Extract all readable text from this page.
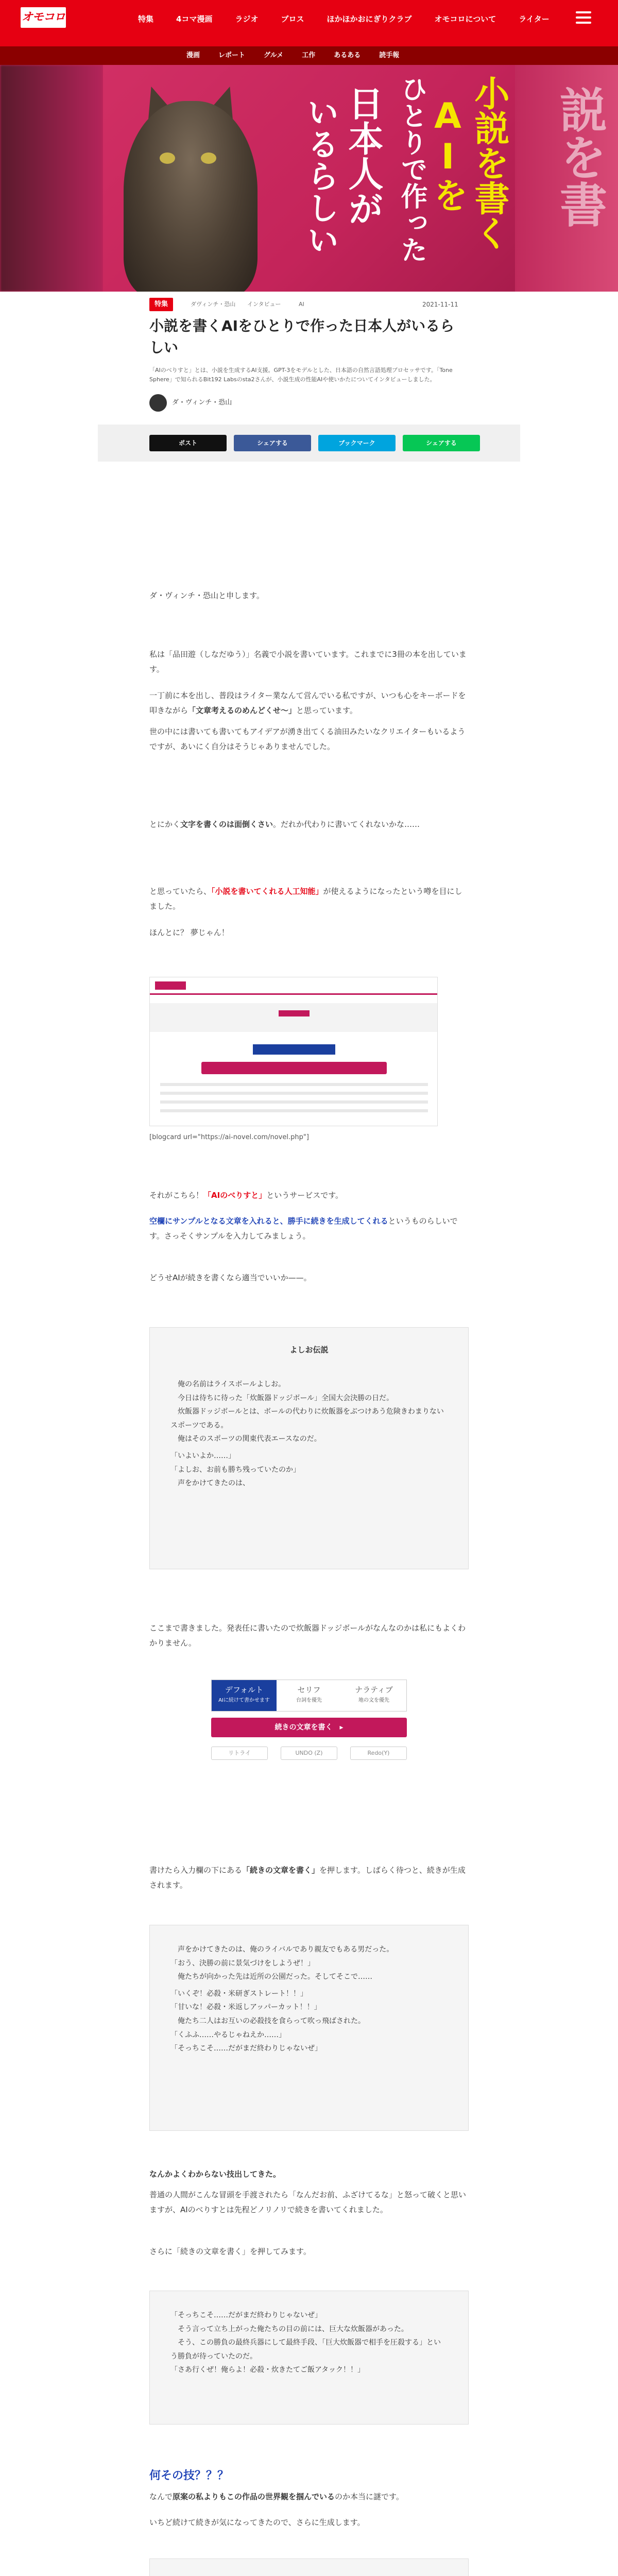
オモコロ	特集	4コマ漫画	ラジオ	ブロス	ほかほかおにぎりクラブ	オモコロについて	ライター
漫画	レポート	グルメ	工作	あるある	読手報
説を書
小説を書く
AIを
ひとりで作った
日本人が
いるらしい
特集	ダヴィンチ・恐山 インタビュー	AI	2021-11-11
小説を書くAIをひとりで作った日本人がいるらしい

「AIのべりすと」とは、小説を生成するAI支援。GPT-3をモデルとした、日本語の自然言語処理プロセッサです。「Tone Sphere」で知られるBit192 Labsのsta2さんが、小説生成の性能AIや使いかたについてインタビューしました。

ダ・ヴィンチ・恐山
ポスト	シェアする	ブックマーク	シェアする

ダ・ヴィンチ・恐山と申します。

私は「品田遊（しなだゆう）」名義で小説を書いています。これまでに3冊の本を出しています。

一丁前に本を出し、普段はライター業なんて営んでいる私ですが、いつも心をキーボードを叩きながら「文章考えるのめんどくせ〜」と思っています。

世の中には書いても書いてもアイデアが湧き出てくる油田みたいなクリエイターもいるようですが、あいにく自分はそうじゃありませんでした。

とにかく文字を書くのは面倒くさい。だれか代わりに書いてくれないかな……

と思っていたら、「小説を書いてくれる人工知能」が使えるようになったという噂を目にしました。

ほんとに？ 夢じゃん！

[blogcard url="https://ai-novel.com/novel.php"]

それがこちら！「AIのべりすと」というサービスです。

空欄にサンプルとなる文章を入れると、勝手に続きを生成してくれるというものらしいです。さっそくサンプルを入力してみましょう。

どうせAIが続きを書くなら適当でいいか——。

よしお伝説

俺の名前はライスボールよしお。

今日は待ちに待った「炊飯器ドッジボール」全国大会決勝の日だ。

炊飯器ドッジボールとは、ボールの代わりに炊飯器をぶつけあう危険きわまりないスポーツである。

俺はそのスポーツの関東代表エースなのだ。

「いよいよか……」

「よしお、お前も勝ち残っていたのか」

声をかけてきたのは、

ここまで書きました。発表任に書いたので炊飯器ドッジボールがなんなのかは私にもよくわかりません。

書けたら入力欄の下にある「続きの文章を書く」を押します。しばらく待つと、続きが生成されます。

声をかけてきたのは、俺のライバルであり親友でもある男だった。

「おう、決勝の前に景気づけをしようぜ！」

俺たちが向かった先は近所の公園だった。そしてそこで……

「いくぞ！必殺・米研ぎストレート！！」

「甘いな！必殺・米返しアッパーカット！！」

俺たち二人はお互いの必殺技を食らって吹っ飛ばされた。

「くふふ……やるじゃねえか……」

「そっちこそ……だがまだ終わりじゃないぜ」

なんかよくわからない技出してきた。

普通の人間がこんな冒頭を手渡されたら「なんだお前、ふざけてるな」と怒って破くと思いますが、AIのべりすとは先程どノリノリで続きを書いてくれました。

さらに「続きの文章を書く」を押してみます。

「そっちこそ……だがまだ終わりじゃないぜ」

そう言って立ち上がった俺たちの目の前には、巨大な炊飯器があった。

そう、この勝負の最終兵器にして最終手段、「巨大炊飯器で相手を圧殺する」という勝負が待っていたのだ。

「さあ行くぜ！俺らよ！必殺・炊きたてご飯アタック！！」

何その技？？？

なんで原案の私よりもこの作品の世界観を掴んでいるのか本当に謎です。

いちど続けて続きが気になってきたので、さらに生成します。

デフォルト
AIに続けて書かせます
セリフ
台詞を優先
ナラティブ
地の文を優先
続きの文章を書く　▸
リトライ	UNDO (Z)	Redo(Y)
